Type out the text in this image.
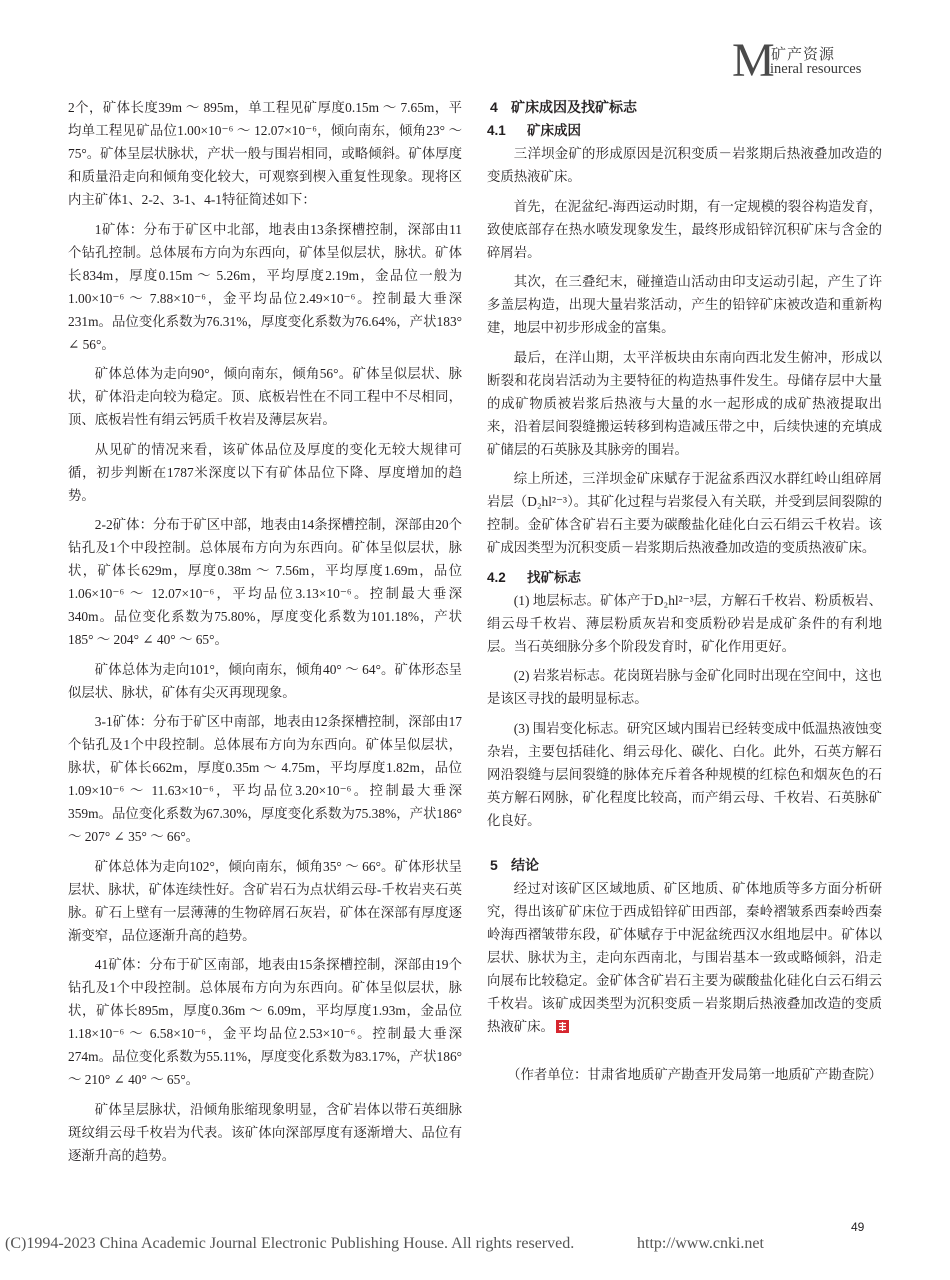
M
矿产资源
ineral resources

2个，矿体长度39m ～ 895m，单工程见矿厚度0.15m ～ 7.65m，平均单工程见矿品位1.00×10⁻⁶ ～ 12.07×10⁻⁶，倾向南东，倾角23° ～ 75°。矿体呈层状脉状，产状一般与围岩相同，或略倾斜。矿体厚度和质量沿走向和倾角变化较大，可观察到楔入重复性现象。现将区内主矿体1、2-2、3-1、4-1特征简述如下：

1矿体：分布于矿区中北部，地表由13条探槽控制，深部由11个钻孔控制。总体展布方向为东西向，矿体呈似层状，脉状。矿体长834m，厚度0.15m ～ 5.26m，平均厚度2.19m，金品位一般为1.00×10⁻⁶ ～ 7.88×10⁻⁶，金平均品位2.49×10⁻⁶。控制最大垂深231m。品位变化系数为76.31%，厚度变化系数为76.64%，产状183° ∠ 56°。

矿体总体为走向90°，倾向南东，倾角56°。矿体呈似层状、脉状，矿体沿走向较为稳定。顶、底板岩性在不同工程中不尽相同，顶、底板岩性有绢云钙质千枚岩及薄层灰岩。

从见矿的情况来看，该矿体品位及厚度的变化无较大规律可循，初步判断在1787米深度以下有矿体品位下降、厚度增加的趋势。

2-2矿体：分布于矿区中部，地表由14条探槽控制，深部由20个钻孔及1个中段控制。总体展布方向为东西向。矿体呈似层状，脉状，矿体长629m，厚度0.38m ～ 7.56m，平均厚度1.69m，品位1.06×10⁻⁶ ～ 12.07×10⁻⁶，平均品位3.13×10⁻⁶。控制最大垂深340m。品位变化系数为75.80%，厚度变化系数为101.18%，产状185° ～ 204° ∠ 40° ～ 65°。

矿体总体为走向101°，倾向南东，倾角40° ～ 64°。矿体形态呈似层状、脉状，矿体有尖灭再现现象。

3-1矿体：分布于矿区中南部，地表由12条探槽控制，深部由17个钻孔及1个中段控制。总体展布方向为东西向。矿体呈似层状，脉状，矿体长662m，厚度0.35m ～ 4.75m，平均厚度1.82m，品位1.09×10⁻⁶ ～ 11.63×10⁻⁶，平均品位3.20×10⁻⁶。控制最大垂深359m。品位变化系数为67.30%，厚度变化系数为75.38%，产状186° ～ 207° ∠ 35° ～ 66°。

矿体总体为走向102°，倾向南东，倾角35° ～ 66°。矿体形状呈层状、脉状，矿体连续性好。含矿岩石为点状绢云母-千枚岩夹石英脉。矿石上壁有一层薄薄的生物碎屑石灰岩，矿体在深部有厚度逐渐变窄，品位逐渐升高的趋势。

41矿体：分布于矿区南部，地表由15条探槽控制，深部由19个钻孔及1个中段控制。总体展布方向为东西向。矿体呈似层状，脉状，矿体长895m，厚度0.36m ～ 6.09m，平均厚度1.93m，金品位1.18×10⁻⁶ ～ 6.58×10⁻⁶，金平均品位2.53×10⁻⁶。控制最大垂深274m。品位变化系数为55.11%，厚度变化系数为83.17%，产状186° ～ 210° ∠ 40° ～ 65°。

矿体呈层脉状，沿倾角胀缩现象明显，含矿岩体以带石英细脉斑纹绢云母千枚岩为代表。该矿体向深部厚度有逐渐增大、品位有逐渐升高的趋势。

4 矿床成因及找矿标志
4.1 矿床成因

三洋坝金矿的形成原因是沉积变质－岩浆期后热液叠加改造的变质热液矿床。

首先，在泥盆纪-海西运动时期，有一定规模的裂谷构造发育，致使底部存在热水喷发现象发生，最终形成铅锌沉积矿床与含金的碎屑岩。

其次，在三叠纪末，碰撞造山活动由印支运动引起，产生了许多盖层构造，出现大量岩浆活动，产生的铅锌矿床被改造和重新构建，地层中初步形成金的富集。

最后，在洋山期，太平洋板块由东南向西北发生俯冲，形成以断裂和花岗岩活动为主要特征的构造热事件发生。母储存层中大量的成矿物质被岩浆后热液与大量的水一起形成的成矿热液提取出来，沿着层间裂缝搬运转移到构造减压带之中，后续快速的充填成矿储层的石英脉及其脉旁的围岩。

综上所述，三洋坝金矿床赋存于泥盆系西汉水群红岭山组碎屑岩层（D₂hl²⁻³）。其矿化过程与岩浆侵入有关联，并受到层间裂隙的控制。金矿体含矿岩石主要为碳酸盐化硅化白云石绢云千枚岩。该矿成因类型为沉积变质－岩浆期后热液叠加改造的变质热液矿床。

4.2 找矿标志

(1) 地层标志。矿体产于D₂hl²⁻³层，方解石千枚岩、粉质板岩、绢云母千枚岩、薄层粉质灰岩和变质粉砂岩是成矿条件的有利地层。当石英细脉分多个阶段发育时，矿化作用更好。

(2) 岩浆岩标志。花岗斑岩脉与金矿化同时出现在空间中，这也是该区寻找的最明显标志。

(3) 围岩变化标志。研究区域内围岩已经转变成中低温热液蚀变杂岩，主要包括硅化、绢云母化、碳化、白化。此外，石英方解石网沿裂缝与层间裂缝的脉体充斥着各种规模的红棕色和烟灰色的石英方解石网脉，矿化程度比较高，而产绢云母、千枚岩、石英脉矿化良好。

5 结论

经过对该矿区区域地质、矿区地质、矿体地质等多方面分析研究，得出该矿矿床位于西成铅锌矿田西部，秦岭褶皱系西秦岭西秦岭海西褶皱带东段，矿体赋存于中泥盆统西汉水组地层中。矿体以层状、脉状为主，走向东西南北，与围岩基本一致或略倾斜，沿走向展布比较稳定。金矿体含矿岩石主要为碳酸盐化硅化白云石绢云千枚岩。该矿成因类型为沉积变质－岩浆期后热液叠加改造的变质热液矿床。

（作者单位：甘肃省地质矿产勘查开发局第一地质矿产勘查院）
49
(C)1994-2023 China Academic Journal Electronic Publishing House. All rights reserved.	http://www.cnki.net
